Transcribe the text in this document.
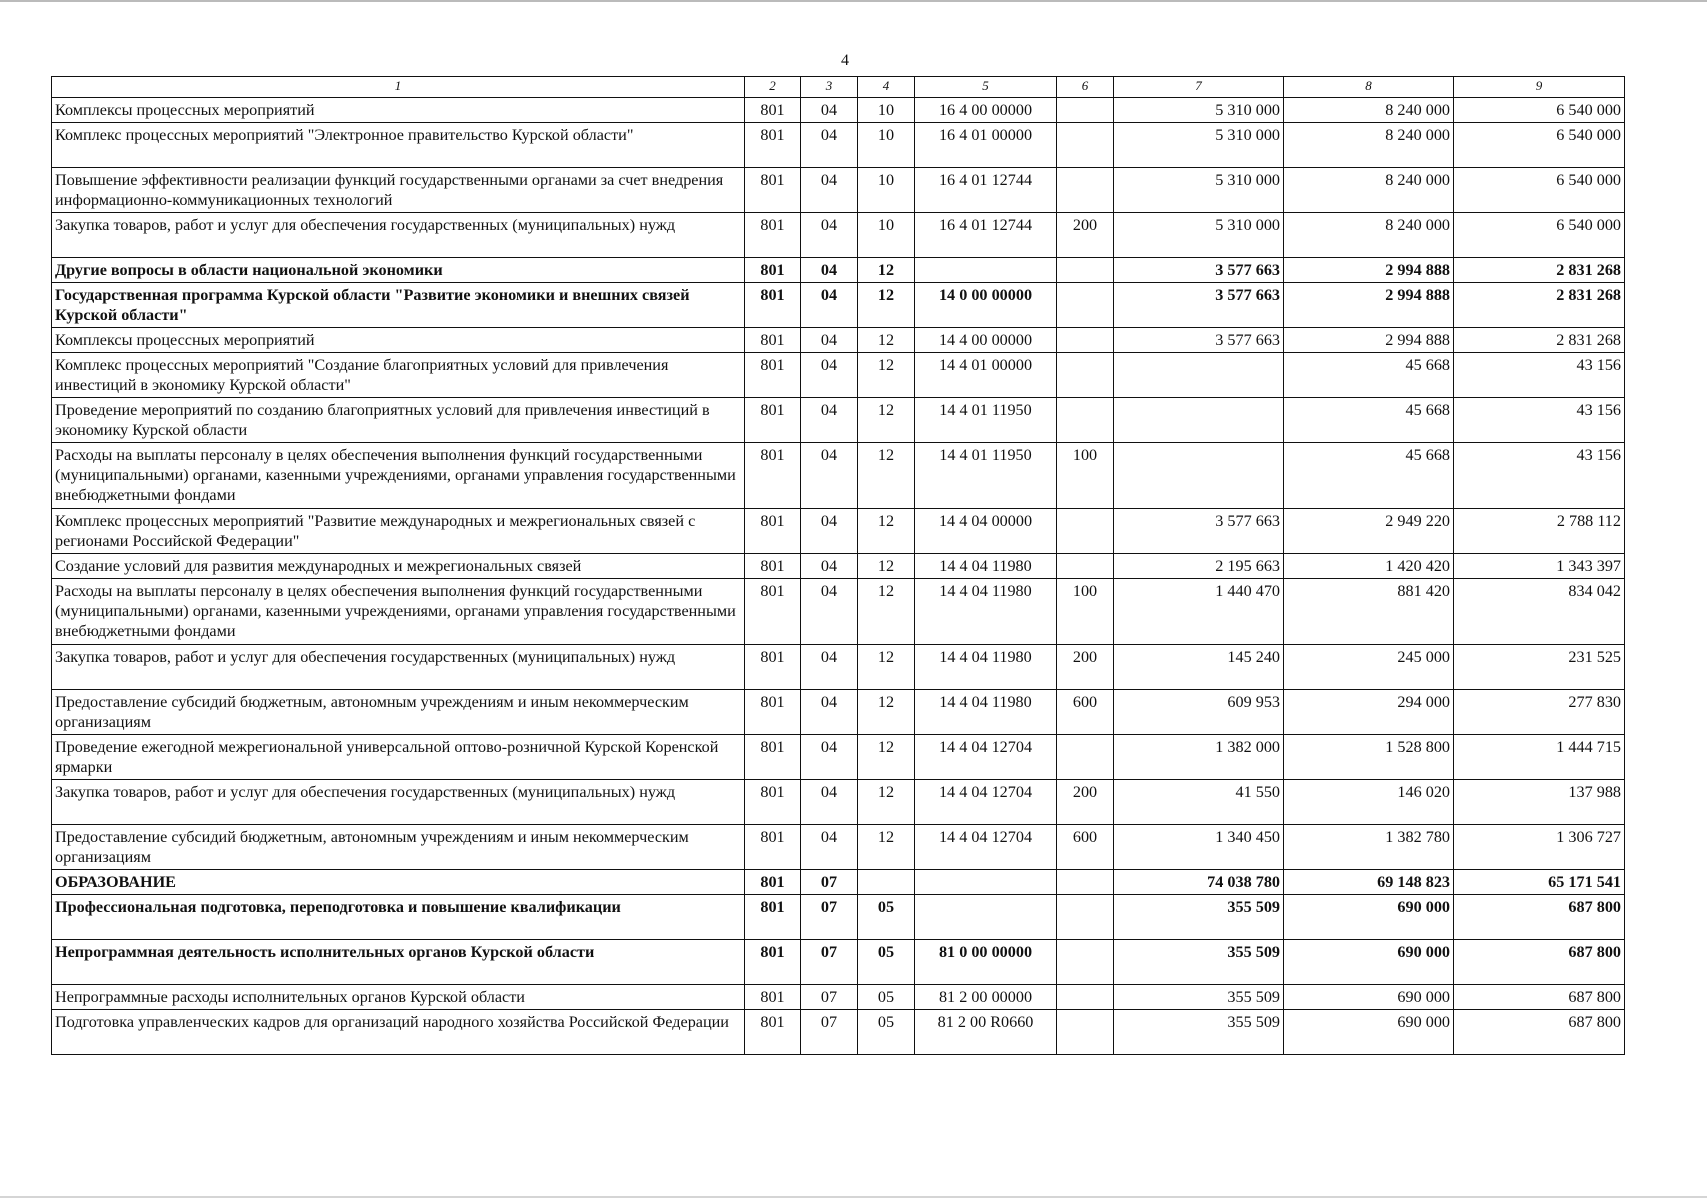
4
1	2	3	4	5	6	7	8	9
Комплексы процессных мероприятий	801	04	10	16 4 00 00000		5 310 000	8 240 000	6 540 000
Комплекс процессных мероприятий "Электронное правительство Курской области"	801	04	10	16 4 01 00000		5 310 000	8 240 000	6 540 000
Повышение эффективности реализации функций государственными органами за счет внедрения информационно-коммуникационных технологий	801	04	10	16 4 01 12744		5 310 000	8 240 000	6 540 000
Закупка товаров, работ и услуг для обеспечения государственных (муниципальных) нужд	801	04	10	16 4 01 12744	200	5 310 000	8 240 000	6 540 000
Другие вопросы в области национальной экономики	801	04	12			3 577 663	2 994 888	2 831 268
Государственная программа Курской области "Развитие экономики и внешних связей Курской области"	801	04	12	14 0 00 00000		3 577 663	2 994 888	2 831 268
Комплексы процессных мероприятий	801	04	12	14 4 00 00000		3 577 663	2 994 888	2 831 268
Комплекс процессных мероприятий "Создание благоприятных условий для привлечения инвестиций в экономику Курской области"	801	04	12	14 4 01 00000			45 668	43 156
Проведение мероприятий по созданию благоприятных условий для привлечения инвестиций в экономику Курской области	801	04	12	14 4 01 11950			45 668	43 156
Расходы на выплаты персоналу в целях обеспечения выполнения функций государственными (муниципальными) органами, казенными учреждениями, органами управления государственными внебюджетными фондами	801	04	12	14 4 01 11950	100		45 668	43 156
Комплекс процессных мероприятий "Развитие международных и межрегиональных связей с регионами Российской Федерации"	801	04	12	14 4 04 00000		3 577 663	2 949 220	2 788 112
Создание условий для развития международных и межрегиональных связей	801	04	12	14 4 04 11980		2 195 663	1 420 420	1 343 397
Расходы на выплаты персоналу в целях обеспечения выполнения функций государственными (муниципальными) органами, казенными учреждениями, органами управления государственными внебюджетными фондами	801	04	12	14 4 04 11980	100	1 440 470	881 420	834 042
Закупка товаров, работ и услуг для обеспечения государственных (муниципальных) нужд	801	04	12	14 4 04 11980	200	145 240	245 000	231 525
Предоставление субсидий бюджетным, автономным учреждениям и иным некоммерческим организациям	801	04	12	14 4 04 11980	600	609 953	294 000	277 830
Проведение ежегодной межрегиональной универсальной оптово-розничной Курской Коренской ярмарки	801	04	12	14 4 04 12704		1 382 000	1 528 800	1 444 715
Закупка товаров, работ и услуг для обеспечения государственных (муниципальных) нужд	801	04	12	14 4 04 12704	200	41 550	146 020	137 988
Предоставление субсидий бюджетным, автономным учреждениям и иным некоммерческим организациям	801	04	12	14 4 04 12704	600	1 340 450	1 382 780	1 306 727
ОБРАЗОВАНИЕ	801	07				74 038 780	69 148 823	65 171 541
Профессиональная подготовка, переподготовка и повышение квалификации	801	07	05			355 509	690 000	687 800
Непрограммная деятельность исполнительных органов Курской области	801	07	05	81 0 00 00000		355 509	690 000	687 800
Непрограммные расходы исполнительных органов Курской области	801	07	05	81 2 00 00000		355 509	690 000	687 800
Подготовка управленческих кадров для организаций народного хозяйства Российской Федерации	801	07	05	81 2 00 R0660		355 509	690 000	687 800
